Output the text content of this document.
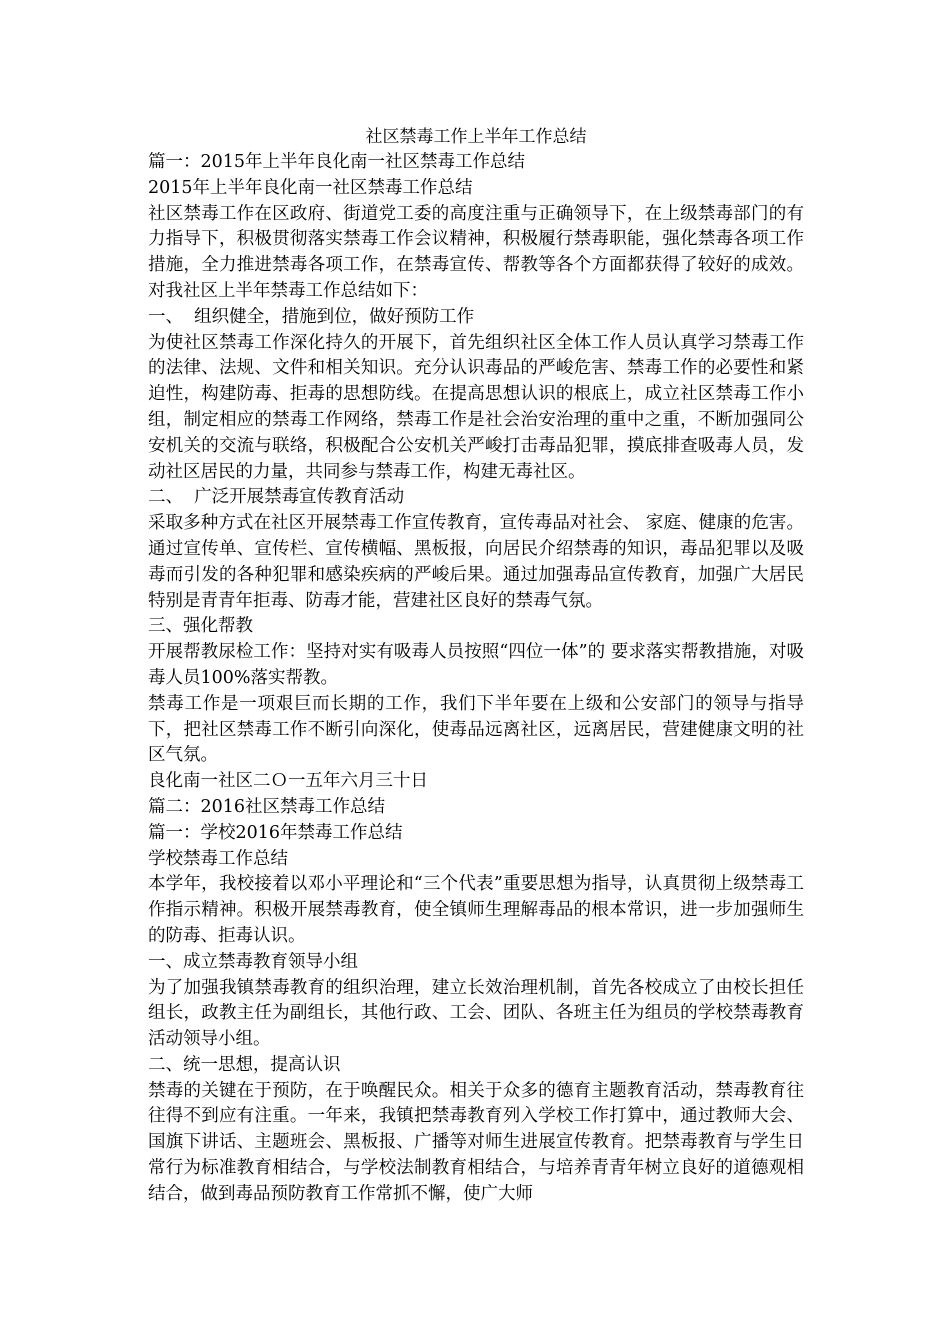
社区禁毒工作上半年工作总结

篇一：2015年上半年良化南一社区禁毒工作总结

2015年上半年良化南一社区禁毒工作总结

社区禁毒工作在区政府、街道党工委的高度注重与正确领导下，在上级禁毒部门的有力指导下，积极贯彻落实禁毒工作会议精神，积极履行禁毒职能，强化禁毒各项工作措施，全力推进禁毒各项工作，在禁毒宣传、帮教等各个方面都获得了较好的成效。对我社区上半年禁毒工作总结如下：

一、  组织健全，措施到位，做好预防工作

为使社区禁毒工作深化持久的开展下，首先组织社区全体工作人员认真学习禁毒工作的法律、法规、文件和相关知识。充分认识毒品的严峻危害、禁毒工作的必要性和紧迫性，构建防毒、拒毒的思想防线。在提高思想认识的根底上，成立社区禁毒工作小组，制定相应的禁毒工作网络，禁毒工作是社会治安治理的重中之重，不断加强同公安机关的交流与联络，积极配合公安机关严峻打击毒品犯罪，摸底排查吸毒人员，发动社区居民的力量，共同参与禁毒工作，构建无毒社区。

二、  广泛开展禁毒宣传教育活动

采取多种方式在社区开展禁毒工作宣传教育，宣传毒品对社会、 家庭、健康的危害。通过宣传单、宣传栏、宣传横幅、黑板报，向居民介绍禁毒的知识，毒品犯罪以及吸毒而引发的各种犯罪和感染疾病的严峻后果。通过加强毒品宣传教育，加强广大居民特别是青青年拒毒、防毒才能，营建社区良好的禁毒气氛。

三、强化帮教

开展帮教尿检工作：坚持对实有吸毒人员按照“四位一体”的 要求落实帮教措施，对吸毒人员100%落实帮教。

禁毒工作是一项艰巨而长期的工作，我们下半年要在上级和公安部门的领导与指导下，把社区禁毒工作不断引向深化，使毒品远离社区，远离居民，营建健康文明的社区气氛。

良化南一社区二Ｏ一五年六月三十日

篇二：2016社区禁毒工作总结

篇一：学校2016年禁毒工作总结

学校禁毒工作总结

本学年，我校接着以邓小平理论和“三个代表”重要思想为指导，认真贯彻上级禁毒工作指示精神。积极开展禁毒教育，使全镇师生理解毒品的根本常识，进一步加强师生的防毒、拒毒认识。

一、成立禁毒教育领导小组

为了加强我镇禁毒教育的组织治理，建立长效治理机制，首先各校成立了由校长担任组长，政教主任为副组长，其他行政、工会、团队、各班主任为组员的学校禁毒教育活动领导小组。

二、统一思想，提高认识

禁毒的关键在于预防，在于唤醒民众。相关于众多的德育主题教育活动，禁毒教育往往得不到应有注重。一年来，我镇把禁毒教育列入学校工作打算中，通过教师大会、国旗下讲话、主题班会、黑板报、广播等对师生进展宣传教育。把禁毒教育与学生日常行为标准教育相结合，与学校法制教育相结合，与培养青青年树立良好的道德观相结合，做到毒品预防教育工作常抓不懈，使广大师
